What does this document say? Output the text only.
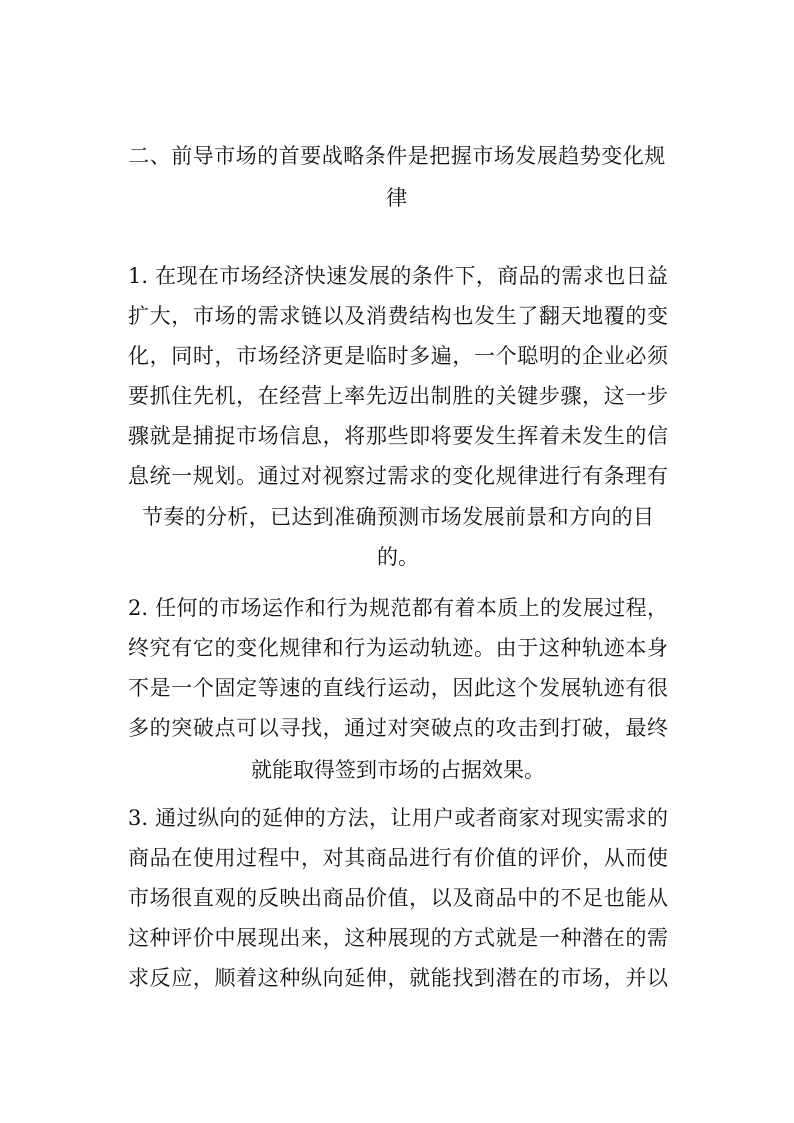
二、前导市场的首要战略条件是把握市场发展趋势变化规
律

1. 在现在市场经济快速发展的条件下，商品的需求也日益

扩大，市场的需求链以及消费结构也发生了翻天地覆的变

化，同时，市场经济更是临时多遍，一个聪明的企业必须

要抓住先机，在经营上率先迈出制胜的关键步骤，这一步

骤就是捕捉市场信息，将那些即将要发生挥着未发生的信

息统一规划。通过对视察过需求的变化规律进行有条理有

节奏的分析，已达到准确预测市场发展前景和方向的目

的。

2. 任何的市场运作和行为规范都有着本质上的发展过程，

终究有它的变化规律和行为运动轨迹。由于这种轨迹本身

不是一个固定等速的直线行运动，因此这个发展轨迹有很

多的突破点可以寻找，通过对突破点的攻击到打破，最终

就能取得签到市场的占据效果。

3. 通过纵向的延伸的方法，让用户或者商家对现实需求的

商品在使用过程中，对其商品进行有价值的评价，从而使

市场很直观的反映出商品价值，以及商品中的不足也能从

这种评价中展现出来，这种展现的方式就是一种潜在的需

求反应，顺着这种纵向延伸，就能找到潜在的市场，并以
